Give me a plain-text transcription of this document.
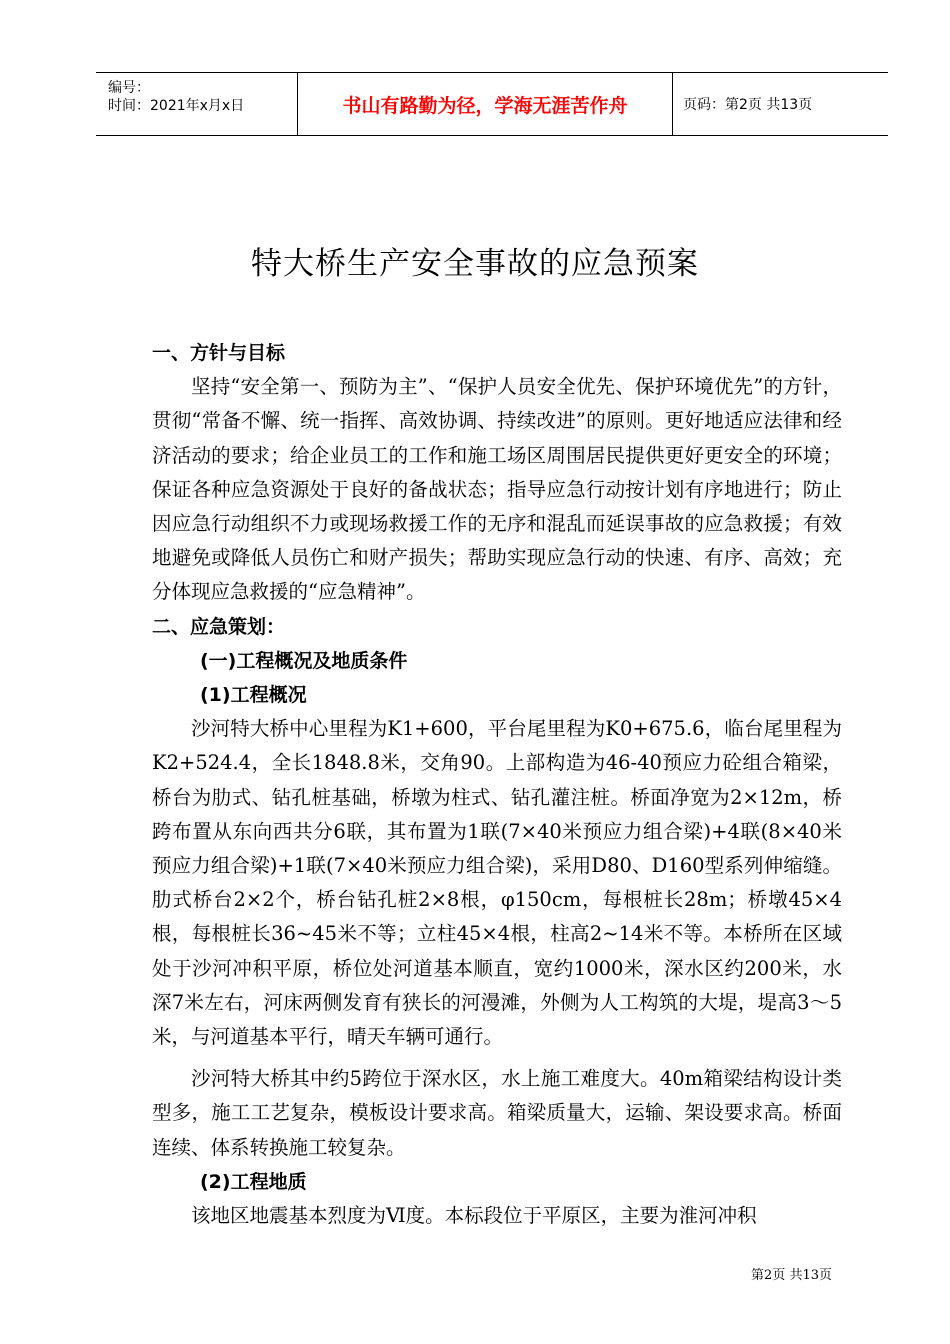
编号：
时间：2021年x月x日	书山有路勤为径，学海无涯苦作舟	页码：第2页 共13页
特大桥生产安全事故的应急预案

一、方针与目标

坚持“安全第一、预防为主”、“保护人员安全优先、保护环境优先”的方针，贯彻“常备不懈、统一指挥、高效协调、持续改进”的原则。更好地适应法律和经济活动的要求；给企业员工的工作和施工场区周围居民提供更好更安全的环境；保证各种应急资源处于良好的备战状态；指导应急行动按计划有序地进行；防止因应急行动组织不力或现场救援工作的无序和混乱而延误事故的应急救援；有效地避免或降低人员伤亡和财产损失；帮助实现应急行动的快速、有序、高效；充分体现应急救援的“应急精神”。

二、应急策划：

(一)工程概况及地质条件

(1)工程概况

沙河特大桥中心里程为K1+600，平台尾里程为K0+675.6，临台尾里程为K2+524.4，全长1848.8米，交角90。上部构造为46-40预应力砼组合箱梁，桥台为肋式、钻孔桩基础，桥墩为柱式、钻孔灌注桩。桥面净宽为2×12m，桥跨布置从东向西共分6联，其布置为1联(7×40米预应力组合梁)+4联(8×40米预应力组合梁)+1联(7×40米预应力组合梁)，采用D80、D160型系列伸缩缝。肋式桥台2×2个，桥台钻孔桩2×8根，φ150cm，每根桩长28m；桥墩45×4根，每根桩长36~45米不等；立柱45×4根，柱高2~14米不等。本桥所在区域处于沙河冲积平原，桥位处河道基本顺直，宽约1000米，深水区约200米，水深7米左右，河床两侧发育有狭长的河漫滩，外侧为人工构筑的大堤，堤高3～5米，与河道基本平行，晴天车辆可通行。

沙河特大桥其中约5跨位于深水区，水上施工难度大。40m箱梁结构设计类型多，施工工艺复杂，模板设计要求高。箱梁质量大，运输、架设要求高。桥面连续、体系转换施工较复杂。

(2)工程地质

该地区地震基本烈度为Ⅵ度。本标段位于平原区，主要为淮河冲积

第2页 共13页
